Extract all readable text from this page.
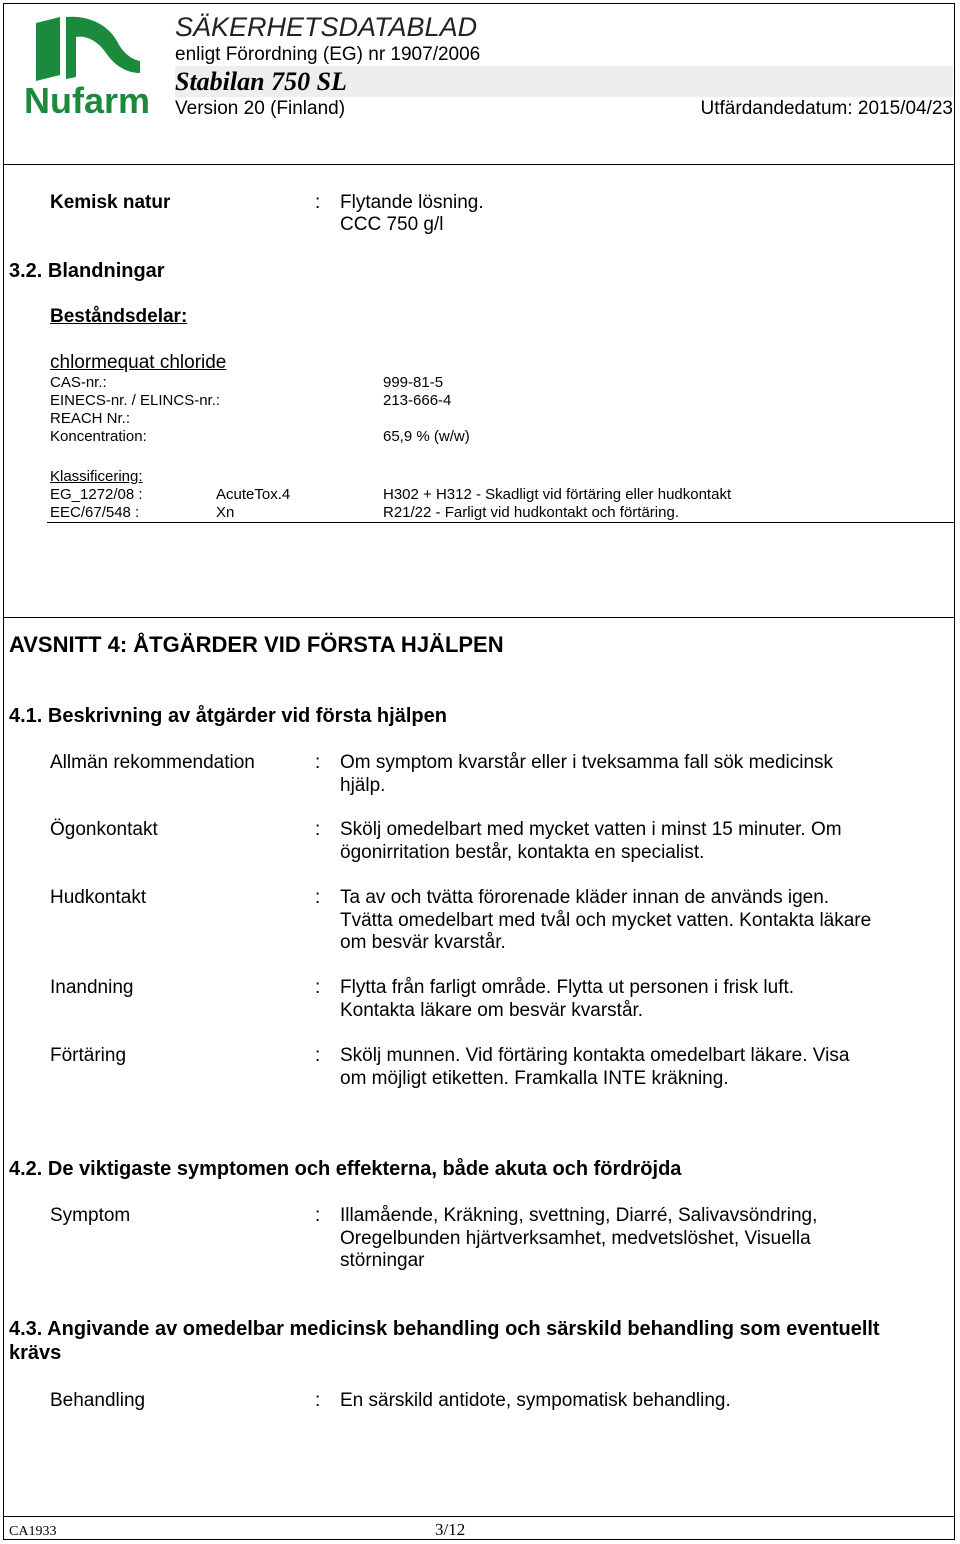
Nufarm
SÄKERHETSDATABLAD
enligt Förordning (EG) nr 1907/2006
Stabilan 750 SL
Version 20 (Finland)	Utfärdandedatum: 2015/04/23
Kemisk natur	: Flytande lösning.
CCC 750 g/l
3.2. Blandningar
Beståndsdelar:
chlormequat chloride
CAS-nr.:	999-81-5
EINECS-nr. / ELINCS-nr.:	213-666-4
REACH Nr.:
Koncentration:	65,9 % (w/w)
Klassificering:
EG_1272/08 :	AcuteTox.4	H302 + H312 - Skadligt vid förtäring eller hudkontakt
EEC/67/548 :	Xn	R21/22 - Farligt vid hudkontakt och förtäring.
AVSNITT 4: ÅTGÄRDER VID FÖRSTA HJÄLPEN
4.1. Beskrivning av åtgärder vid första hjälpen
Allmän rekommendation	: Om symptom kvarstår eller i tveksamma fall sök medicinsk
hjälp.
Ögonkontakt	: Skölj omedelbart med mycket vatten i minst 15 minuter. Om
ögonirritation består, kontakta en specialist.
Hudkontakt	: Ta av och tvätta förorenade kläder innan de används igen.
Tvätta omedelbart med tvål och mycket vatten. Kontakta läkare
om besvär kvarstår.
Inandning	: Flytta från farligt område. Flytta ut personen i frisk luft.
Kontakta läkare om besvär kvarstår.
Förtäring	: Skölj munnen. Vid förtäring kontakta omedelbart läkare. Visa
om möjligt etiketten. Framkalla INTE kräkning.
4.2. De viktigaste symptomen och effekterna, både akuta och fördröjda
Symptom	: Illamående, Kräkning, svettning, Diarré, Salivavsöndring,
Oregelbunden hjärtverksamhet, medvetslöshet, Visuella
störningar
4.3. Angivande av omedelbar medicinsk behandling och särskild behandling som eventuellt
krävs
Behandling	: En särskild antidote, sympomatisk behandling.
CA1933	3/12
